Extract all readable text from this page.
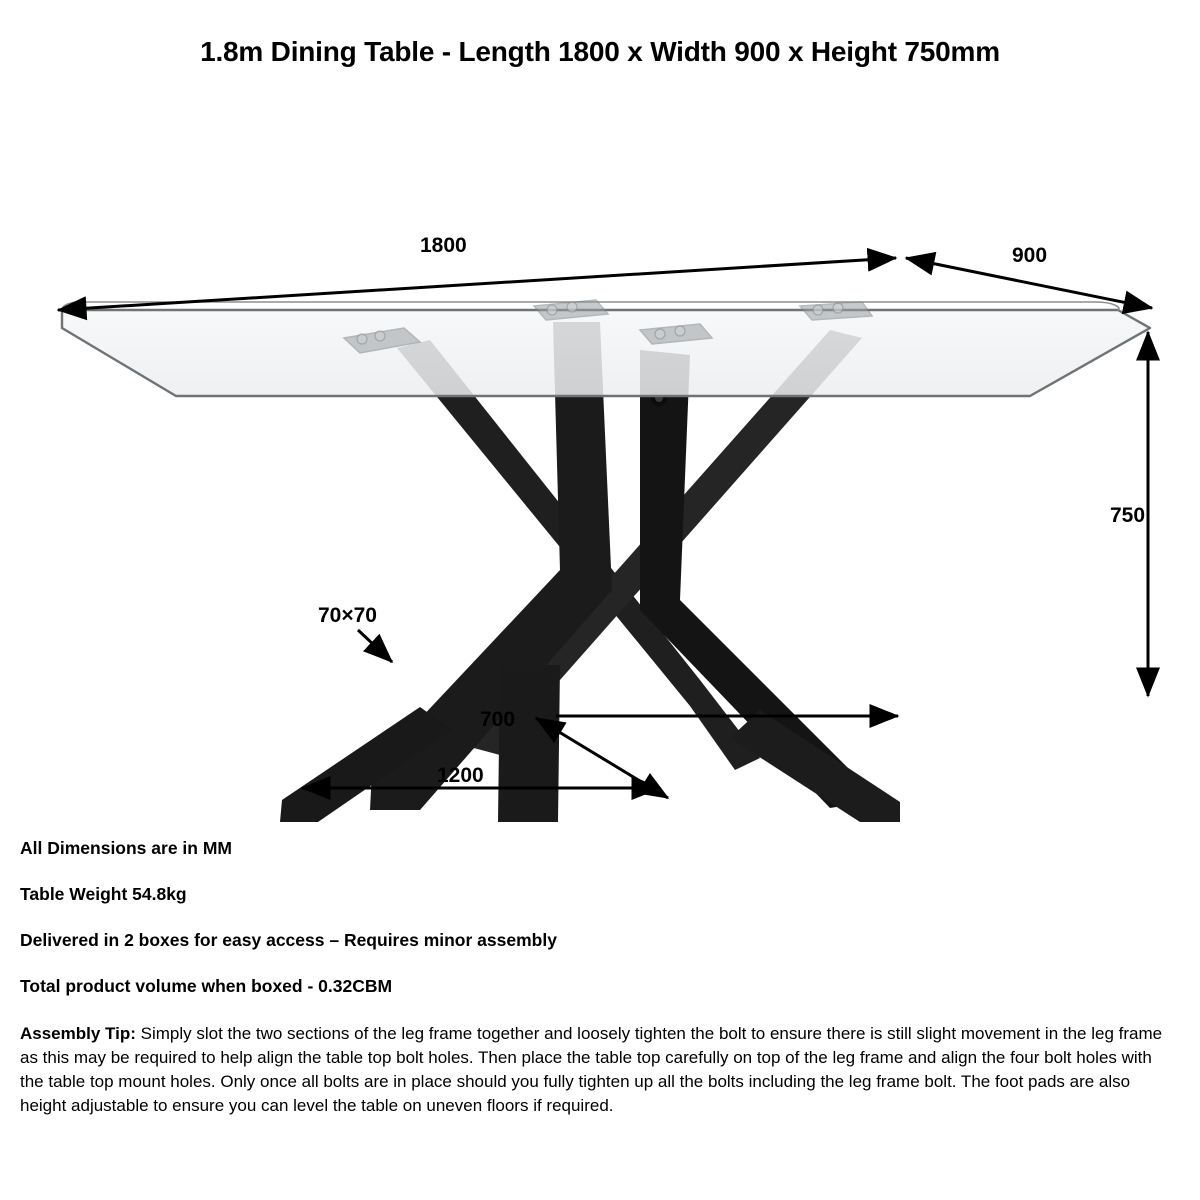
1.8m Dining Table - Length 1800 x Width 900 x Height 750mm
1800	900
750
70×70
700
1200
All Dimensions are in MM
Table Weight 54.8kg
Delivered in 2 boxes for easy access – Requires minor assembly
Total product volume when boxed - 0.32CBM
Assembly Tip: Simply slot the two sections of the leg frame together and loosely tighten the bolt to ensure there is still slight movement in the leg frame as this may be required to help align the table top bolt holes. Then place the table top carefully on top of the leg frame and align the four bolt holes with the table top mount holes. Only once all bolts are in place should you fully tighten up all the bolts including the leg frame bolt. The foot pads are also height adjustable to ensure you can level the table on uneven floors if required.
